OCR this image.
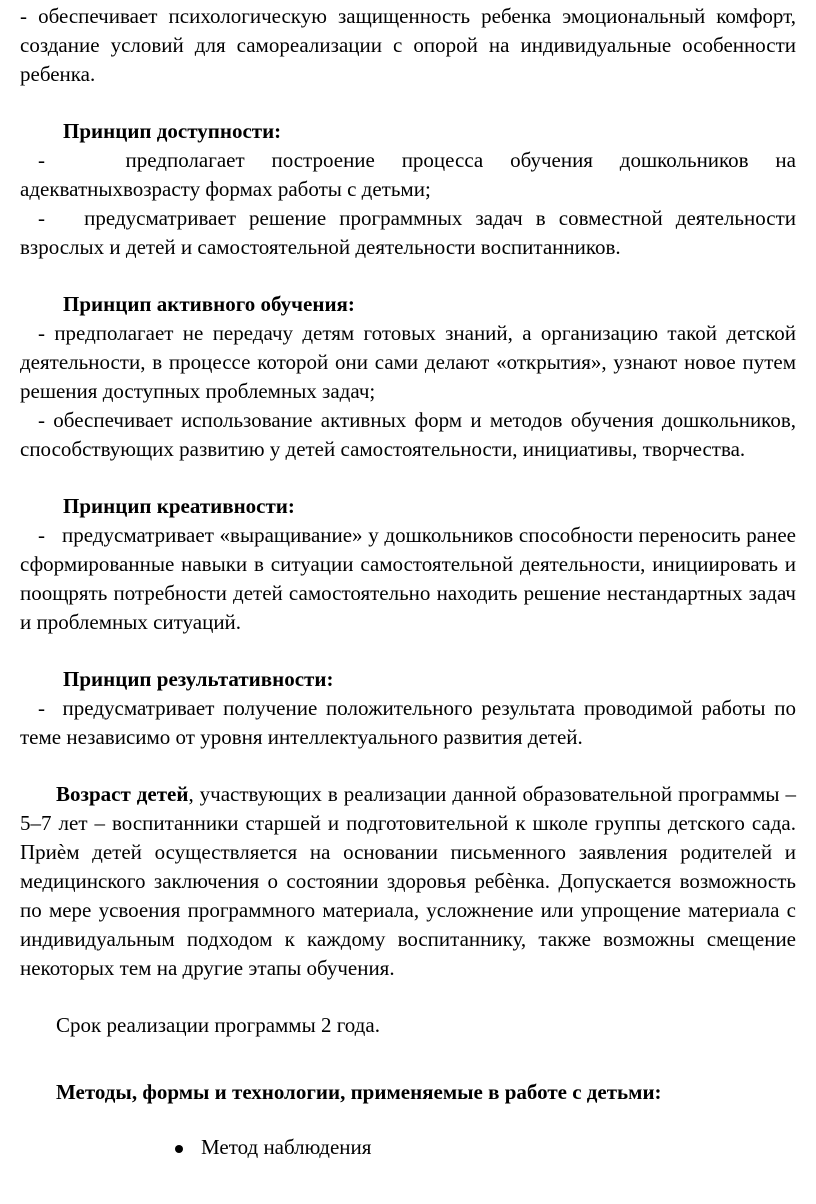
- обеспечивает психологическую защищенность ребенка эмоциональный комфорт, создание условий для самореализации с опорой на индивидуальные особенности ребенка.

Принцип доступности:

-   предполагает построение процесса обучения дошкольников на адекватныхвозрасту формах работы с детьми;

-   предусматривает решение программных задач в совместной деятельности взрослых и детей и самостоятельной деятельности воспитанников.

Принцип активного обучения:

- предполагает не передачу детям готовых знаний, а организацию такой детской деятельности, в процессе которой они сами делают «открытия», узнают новое путем решения доступных проблемных задач;

- обеспечивает использование активных форм и методов обучения дошкольников, способствующих развитию у детей самостоятельности, инициативы, творчества.

Принцип креативности:

-   предусматривает «выращивание» у дошкольников способности переносить ранее сформированные навыки в ситуации самостоятельной деятельности, инициировать и поощрять потребности детей самостоятельно находить решение нестандартных задач и проблемных ситуаций.

Принцип результативности:

-  предусматривает получение положительного результата проводимой работы по теме независимо от уровня интеллектуального развития детей.

Возраст детей, участвующих в реализации данной образовательной программы – 5–7 лет – воспитанники старшей и подготовительной к школе группы детского сада. Приѐм детей осуществляется на основании письменного заявления родителей и медицинского заключения о состоянии здоровья ребѐнка. Допускается возможность по мере усвоения программного материала, усложнение или упрощение материала с индивидуальным подходом к каждому воспитаннику, также возможны смещение некоторых тем на другие этапы обучения.

Срок реализации программы 2 года.

Методы, формы и технологии, применяемые в работе с детьми:

Метод наблюдения
